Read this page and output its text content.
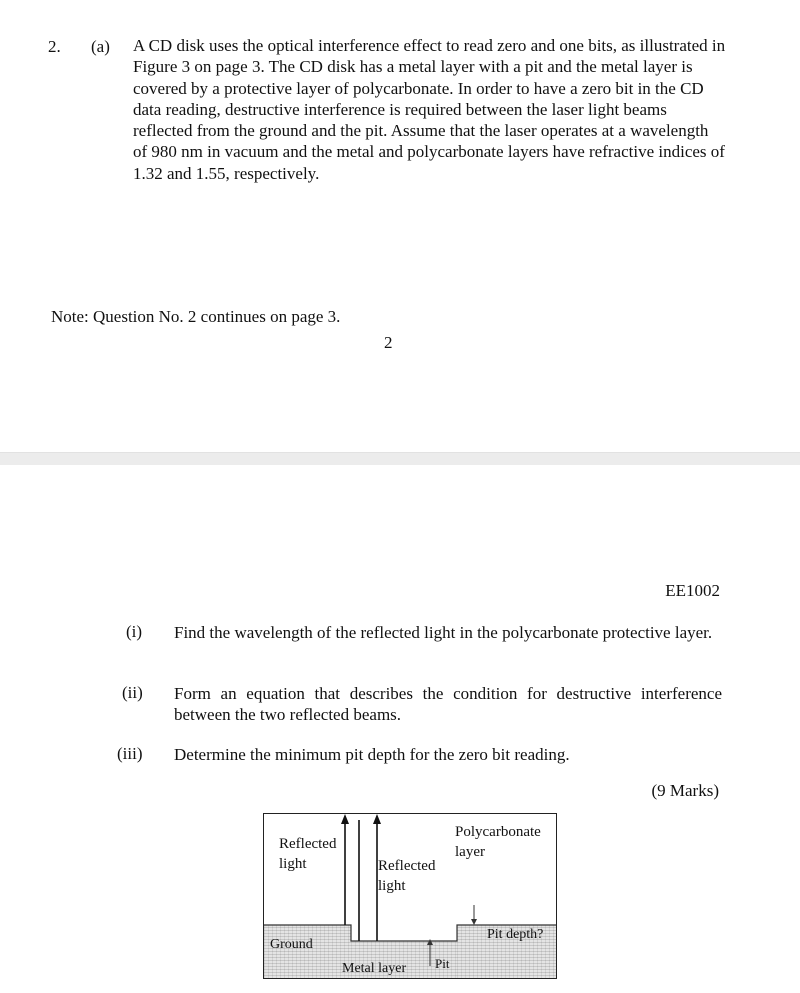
2. (a) A CD disk uses the optical interference effect to read zero and one bits, as illustrated in Figure 3 on page 3. The CD disk has a metal layer with a pit and the metal layer is covered by a protective layer of polycarbonate. In order to have a zero bit in the CD data reading, destructive interference is required between the laser light beams reflected from the ground and the pit. Assume that the laser operates at a wavelength of 980 nm in vacuum and the metal and polycarbonate layers have refractive indices of 1.32 and 1.55, respectively.
Note: Question No. 2 continues on page 3.
2
EE1002
(i) Find the wavelength of the reflected light in the polycarbonate protective layer.
(ii) Form an equation that describes the condition for destructive interference between the two reflected beams.
(iii) Determine the minimum pit depth for the zero bit reading.
(9 Marks)
Reflected
light	Reflected
light
Polycarbonate
layer
Ground
Metal layer Pit
Pit depth?
